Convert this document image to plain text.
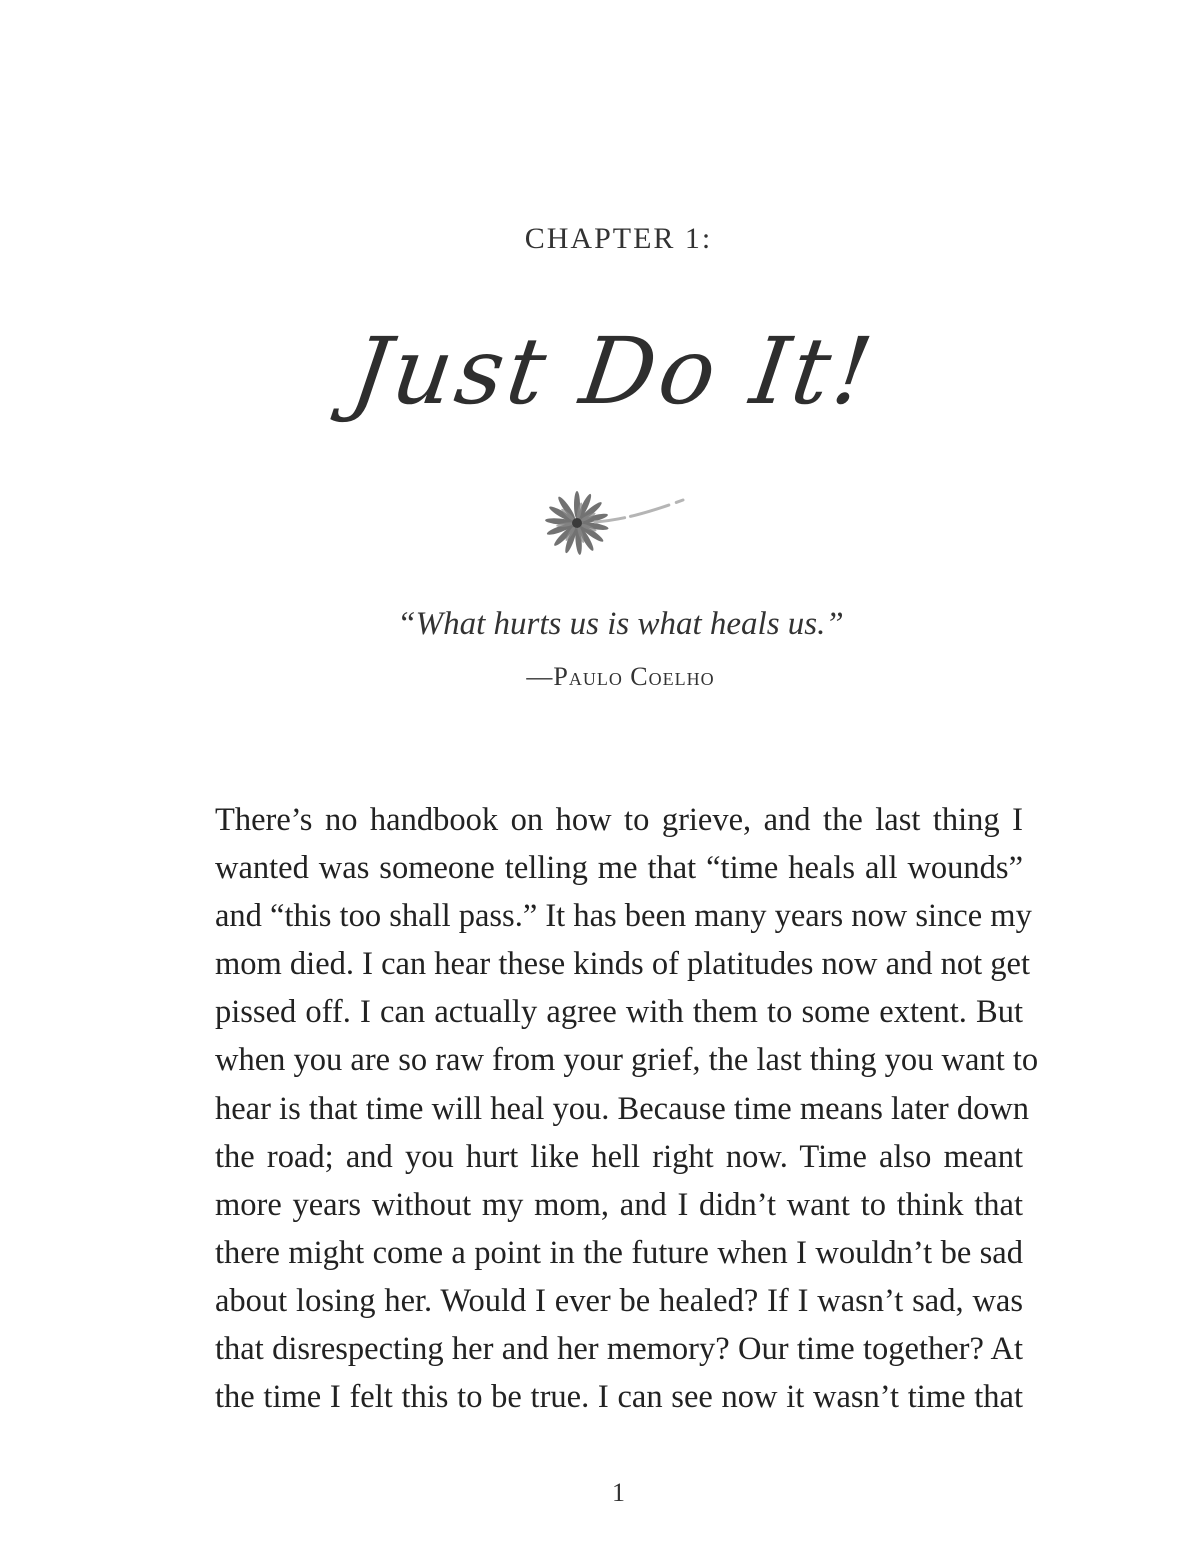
CHAPTER 1:
Just Do It!
“What hurts us is what heals us.”
—Paulo Coelho
There’s no handbook on how to grieve, and the last thing I
wanted was someone telling me that “time heals all wounds”
and “this too shall pass.” It has been many years now since my
mom died. I can hear these kinds of platitudes now and not get
pissed off. I can actually agree with them to some extent. But
when you are so raw from your grief, the last thing you want to
hear is that time will heal you. Because time means later down
the road; and you hurt like hell right now. Time also meant
more years without my mom, and I didn’t want to think that
there might come a point in the future when I wouldn’t be sad
about losing her. Would I ever be healed? If I wasn’t sad, was
that disrespecting her and her memory? Our time together? At
the time I felt this to be true. I can see now it wasn’t time that
1
